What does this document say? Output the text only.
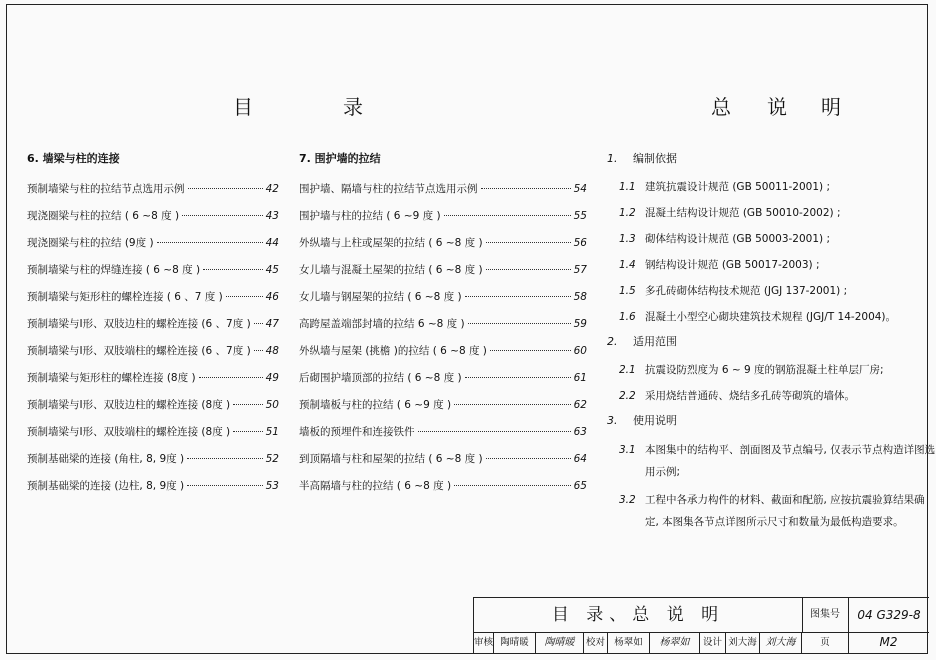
目	录	总 说 明
6. 墙梁与柱的连接
预制墙梁与柱的拉结节点选用示例	42
现浇圈梁与柱的拉结 ( 6 ~8 度 )	43
现浇圈梁与柱的拉结 (9度 )	44
预制墙梁与柱的焊缝连接 ( 6 ~8 度 )	45
预制墙梁与矩形柱的螺栓连接 ( 6 、7 度 )	46
预制墙梁与I形、双肢边柱的螺栓连接 (6 、7度 ) 47
预制墙梁与I形、双肢端柱的螺栓连接 (6 、7度 ) 48
预制墙梁与矩形柱的螺栓连接 (8度 )	49
预制墙梁与I形、双肢边柱的螺栓连接 (8度 )	50
预制墙梁与I形、双肢端柱的螺栓连接 (8度 )	51
预制基础梁的连接 (角柱, 8, 9度 )	52
预制基础梁的连接 (边柱, 8, 9度 )	53
7. 围护墙的拉结
围护墙、隔墙与柱的拉结节点选用示例	54
围护墙与柱的拉结 ( 6 ~9 度 )	55
外纵墙与上柱或屋架的拉结 ( 6 ~8 度 )	56
女儿墙与混凝土屋架的拉结 ( 6 ~8 度 )	57
女儿墙与钢屋架的拉结 ( 6 ~8 度 )	58
高跨屋盖端部封墙的拉结 6 ~8 度 )	59
外纵墙与屋架 (挑檐 )的拉结 ( 6 ~8 度 )	60
后砌围护墙顶部的拉结 ( 6 ~8 度 )	61
预制墙板与柱的拉结 ( 6 ~9 度 )	62
墙板的预埋件和连接铁件	63
到顶隔墙与柱和屋架的拉结 ( 6 ~8 度 )	64
半高隔墙与柱的拉结 ( 6 ~8 度 )	65
1. 编制依据
1.1 建筑抗震设计规范 (GB 50011-2001) ;
1.2 混凝土结构设计规范 (GB 50010-2002) ;
1.3 砌体结构设计规范 (GB 50003-2001) ;
1.4 钢结构设计规范 (GB 50017-2003) ;
1.5 多孔砖砌体结构技术规范 (JGJ 137-2001) ;
1.6 混凝土小型空心砌块建筑技术规程 (JGJ/T 14-2004)。
2. 适用范围
2.1 抗震设防烈度为 6 ~ 9 度的钢筋混凝土柱单层厂房;
2.2 采用烧结普通砖、烧结多孔砖等砌筑的墙体。
3. 使用说明
3.1 本图集中的结构平、剖面图及节点编号, 仅表示节点构造详图选用示例;
3.2 工程中各承力构件的材料、截面和配筋, 应按抗震验算结果确定, 本图集各节点详图所示尺寸和数量为最低构造要求。
目 录、总 说 明	图集号	04 G329-8
审核 陶晴暖	陶晴暖	校对 杨翠如	杨翠如	设计 刘大海 刘大海	页	M2
